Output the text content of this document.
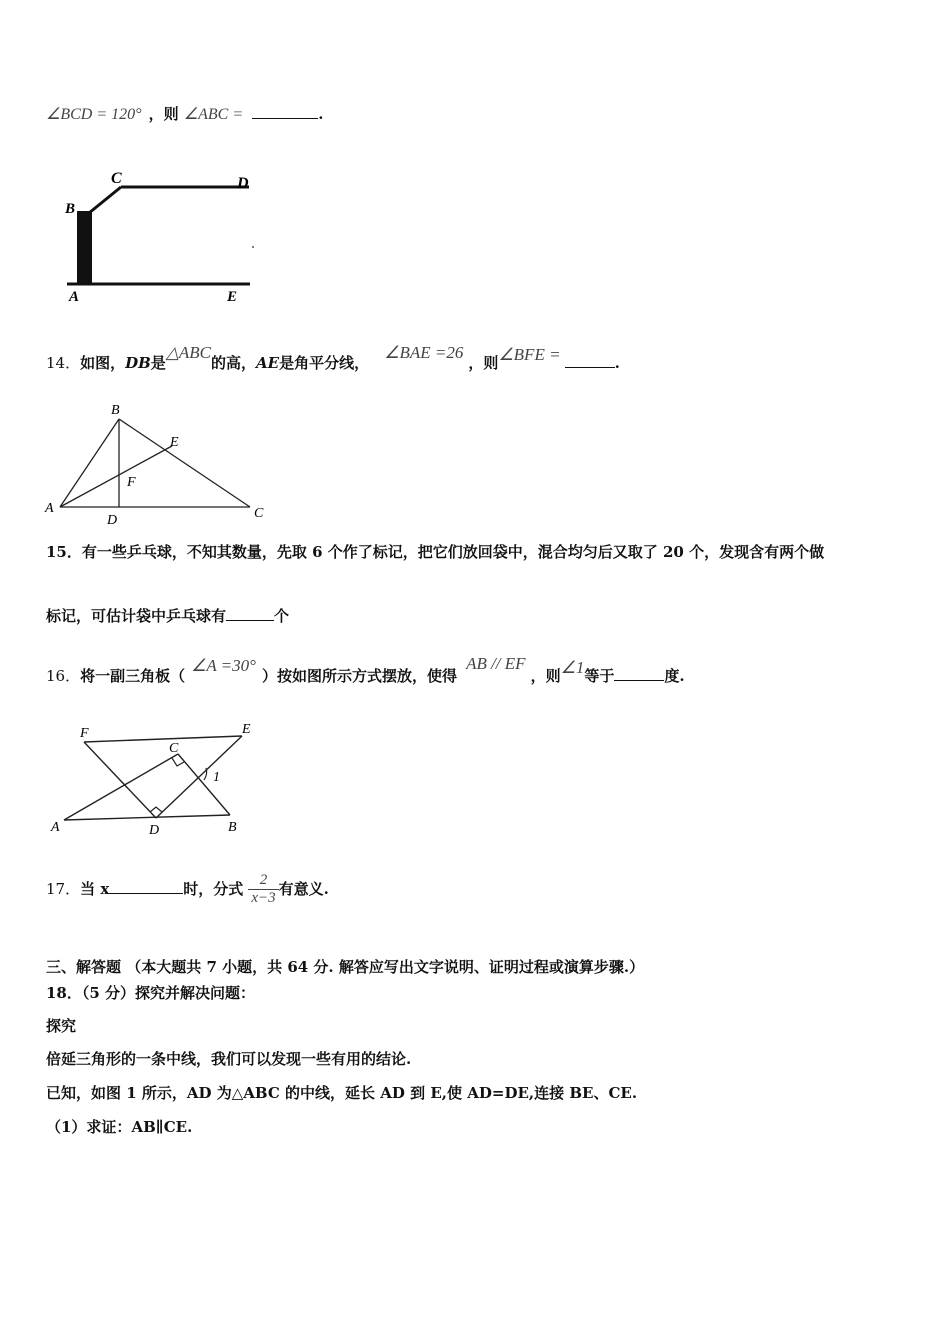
∠BCD = 120° ，则 ∠ABC =	.
B
C	D
A	E
14．如图，DB是△ABC的高，AE是角平分线， ∠BAE =26 ，则∠BFE =	.
B
E
F
A
D	C
15．有一些乒乓球，不知其数量，先取 6 个作了标记，把它们放回袋中，混合均匀后又取了 20 个，发现含有两个做
标记，可估计袋中乒乓球有	个
16．将一副三角板（∠A =30°）按如图所示方式摆放，使得 AB // EF ，则∠1等于	度.
F	E
C
1
A	D	B
17．当 x	时，分式 $\frac{2}{x-3}$ 有意义.
三、解答题 （本大题共 7 小题，共 64 分. 解答应写出文字说明、证明过程或演算步骤.）
18．（5 分）探究并解决问题：
探究
倍延三角形的一条中线，我们可以发现一些有用的结论.
已知，如图 1 所示，AD 为△ABC 的中线，延长 AD 到 E,使 AD=DE,连接 BE、CE.
（1）求证：AB∥CE.
